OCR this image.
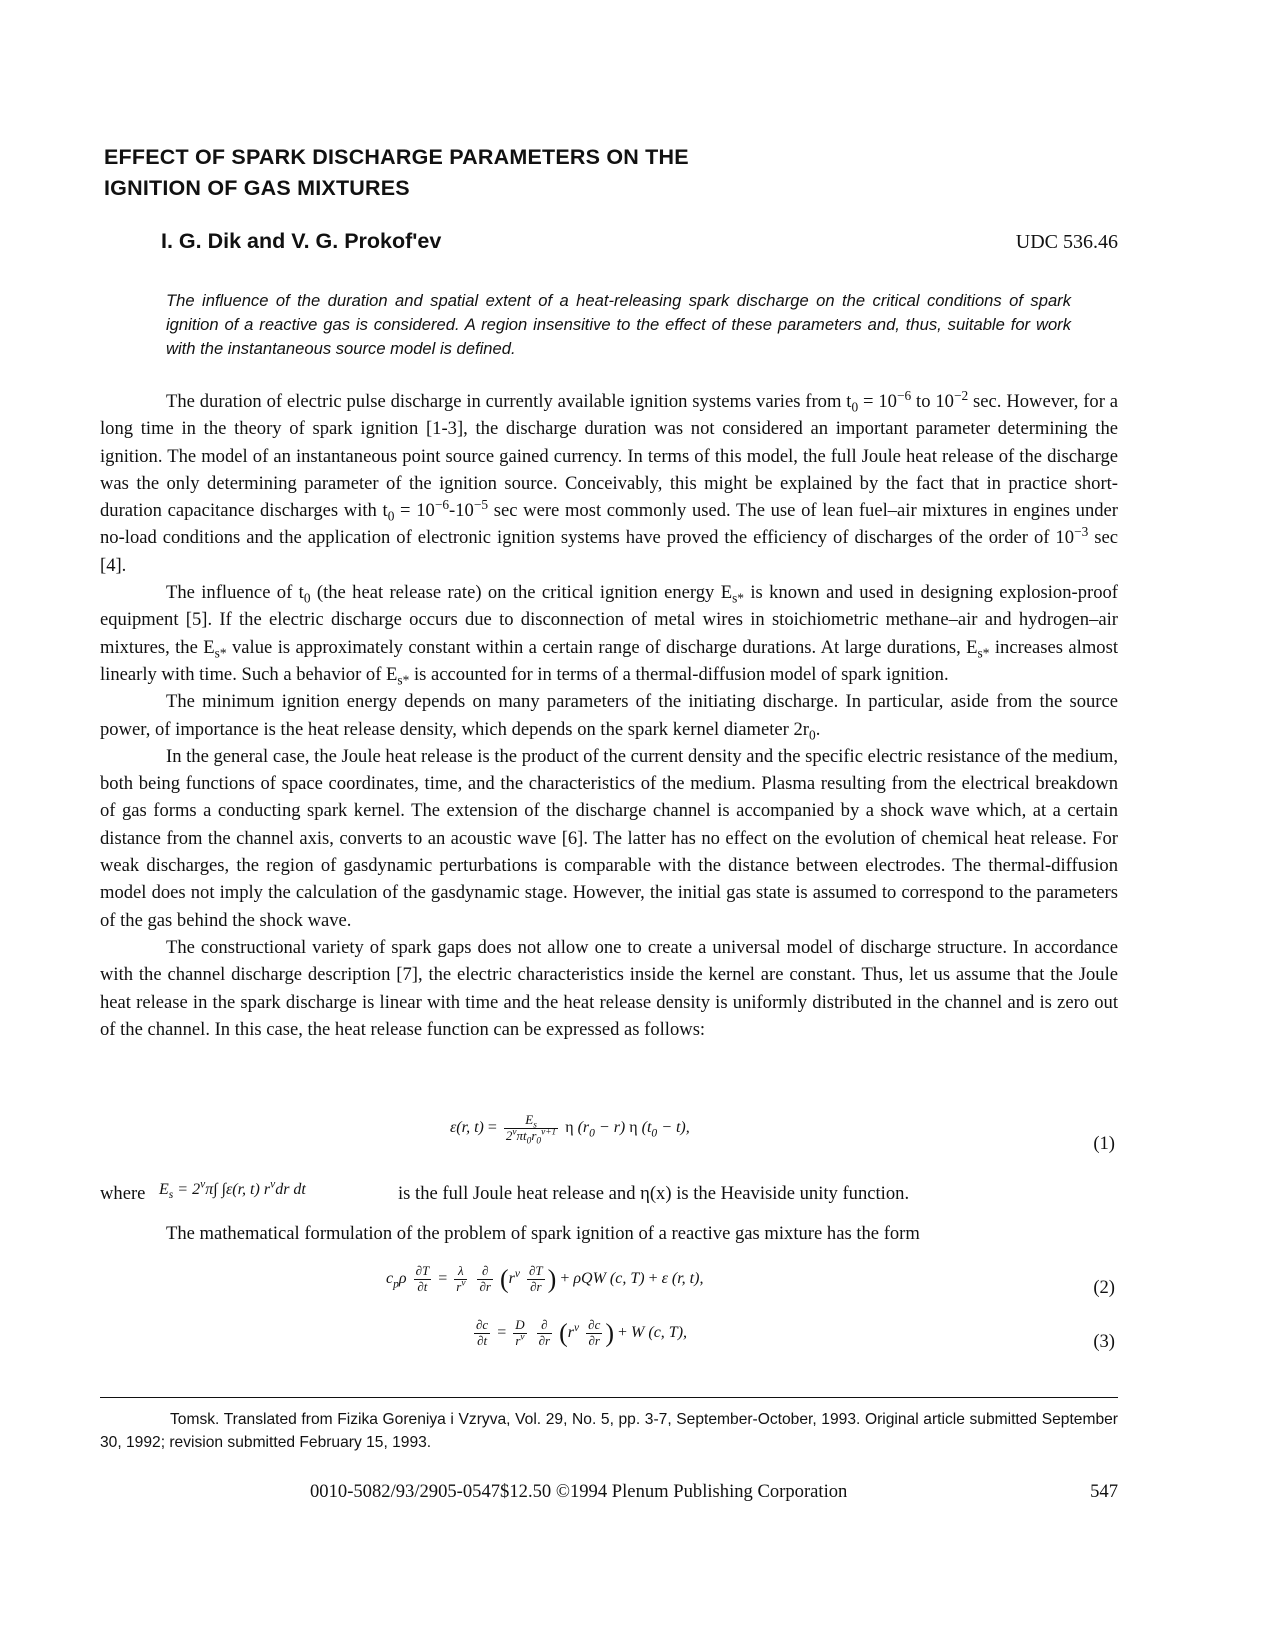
EFFECT OF SPARK DISCHARGE PARAMETERS ON THE
IGNITION OF GAS MIXTURES
I. G. Dik and V. G. Prokof'ev	UDC 536.46
The influence of the duration and spatial extent of a heat-releasing spark discharge on the critical conditions of spark ignition of a reactive gas is considered. A region insensitive to the effect of these parameters and, thus, suitable for work with the instantaneous source model is defined.

The duration of electric pulse discharge in currently available ignition systems varies from $t_0 = 10^{-6}$ to $10^{-2}$ sec. However, for a long time in the theory of spark ignition [1-3], the discharge duration was not considered an important parameter determining the ignition. The model of an instantaneous point source gained currency. In terms of this model, the full Joule heat release of the discharge was the only determining parameter of the ignition source. Conceivably, this might be explained by the fact that in practice short-duration capacitance discharges with $t_0 = 10^{-6}-10^{-5}$ sec were most commonly used. The use of lean fuel–air mixtures in engines under no-load conditions and the application of electronic ignition systems have proved the efficiency of discharges of the order of $10^{-3}$ sec [4].

The influence of $t_0$ (the heat release rate) on the critical ignition energy $E_{s*}$ is known and used in designing explosion-proof equipment [5]. If the electric discharge occurs due to disconnection of metal wires in stoichiometric methane–air and hydrogen–air mixtures, the $E_{s*}$ value is approximately constant within a certain range of discharge durations. At large durations, $E_{s*}$ increases almost linearly with time. Such a behavior of $E_{s*}$ is accounted for in terms of a thermal-diffusion model of spark ignition.

The minimum ignition energy depends on many parameters of the initiating discharge. In particular, aside from the source power, of importance is the heat release density, which depends on the spark kernel diameter $2r_0$.

In the general case, the Joule heat release is the product of the current density and the specific electric resistance of the medium, both being functions of space coordinates, time, and the characteristics of the medium. Plasma resulting from the electrical breakdown of gas forms a conducting spark kernel. The extension of the discharge channel is accompanied by a shock wave which, at a certain distance from the channel axis, converts to an acoustic wave [6]. The latter has no effect on the evolution of chemical heat release. For weak discharges, the region of gasdynamic perturbations is comparable with the distance between electrodes. The thermal-diffusion model does not imply the calculation of the gasdynamic stage. However, the initial gas state is assumed to correspond to the parameters of the gas behind the shock wave.

The constructional variety of spark gaps does not allow one to create a universal model of discharge structure. In accordance with the channel discharge description [7], the electric characteristics inside the kernel are constant. Thus, let us assume that the Joule heat release in the spark discharge is linear with time and the heat release density is uniformly distributed in the channel and is zero out of the channel. In this case, the heat release function can be expressed as follows:

ε(r, $t) = \frac{E_s}{2^\nu\pi t_0r_0^{\nu+1}}$ η $(r_0 - r)$ η $(t_0 - t)$,
(1)
where $E_s = 2^\nu\pi\int$ ∫ε(r, t) $r^\nu dr$ dt	is the full Joule heat release and η(x) is the Heaviside unity function.

The mathematical formulation of the problem of spark ignition of a reactive gas mixture has the form

$c_p\rho \frac{\partial T}{\partial t} = \frac{\lambda}{r^\nu}$
$\frac{\partial}{\partial r} (r^\nu \frac{\partial T}{\partial r}$ ) + ρQW (c, T) + ε (r, t),	(2)
$\frac{\partial c}{\partial t} = \frac{D}{r^\nu}$
$\frac{\partial}{\partial r} (r^\nu \frac{\partial c}{\partial r}$ ) + W (c, T),	(3)
Tomsk. Translated from Fizika Goreniya i Vzryva, Vol. 29, No. 5, pp. 3-7, September-October, 1993. Original article submitted September 30, 1992; revision submitted February 15, 1993.
0010-5082/93/2905-0547$12.50 ©1994 Plenum Publishing Corporation	547
